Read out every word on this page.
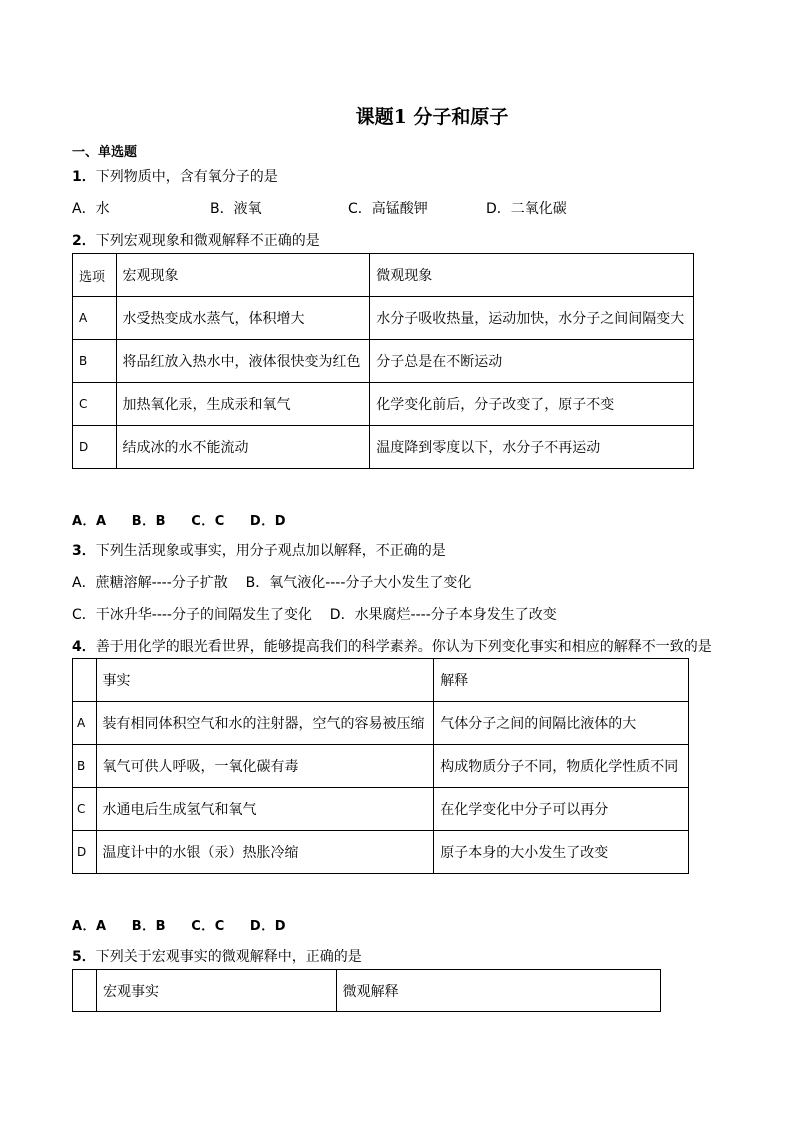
课题1 分子和原子
一、单选题
1．下列物质中，含有氧分子的是
A．水	B．液氧	C．高锰酸钾	D．二氧化碳
2．下列宏观现象和微观解释不正确的是
选项	宏观现象	微观现象
A	水受热变成水蒸气，体积增大	水分子吸收热量，运动加快，水分子之间间隔变大
B	将品红放入热水中，液体很快变为红色	分子总是在不断运动
C	加热氧化汞，生成汞和氧气	化学变化前后，分子改变了，原子不变
D	结成冰的水不能流动	温度降到零度以下，水分子不再运动
A．A     B．B     C．C     D．D
3．下列生活现象或事实，用分子观点加以解释，不正确的是
A．蔗糖溶解----分子扩散    B．氧气液化----分子大小发生了变化
C．干冰升华----分子的间隔发生了变化    D．水果腐烂----分子本身发生了改变
4．善于用化学的眼光看世界，能够提高我们的科学素养。你认为下列变化事实和相应的解释不一致的是
	事实	解释
A	装有相同体积空气和水的注射器，空气的容易被压缩	气体分子之间的间隔比液体的大
B	氧气可供人呼吸，一氧化碳有毒	构成物质分子不同，物质化学性质不同
C	水通电后生成氢气和氧气	在化学变化中分子可以再分
D	温度计中的水银（汞）热胀冷缩	原子本身的大小发生了改变
A．A     B．B     C．C     D．D
5．下列关于宏观事实的微观解释中，正确的是
	宏观事实	微观解释
